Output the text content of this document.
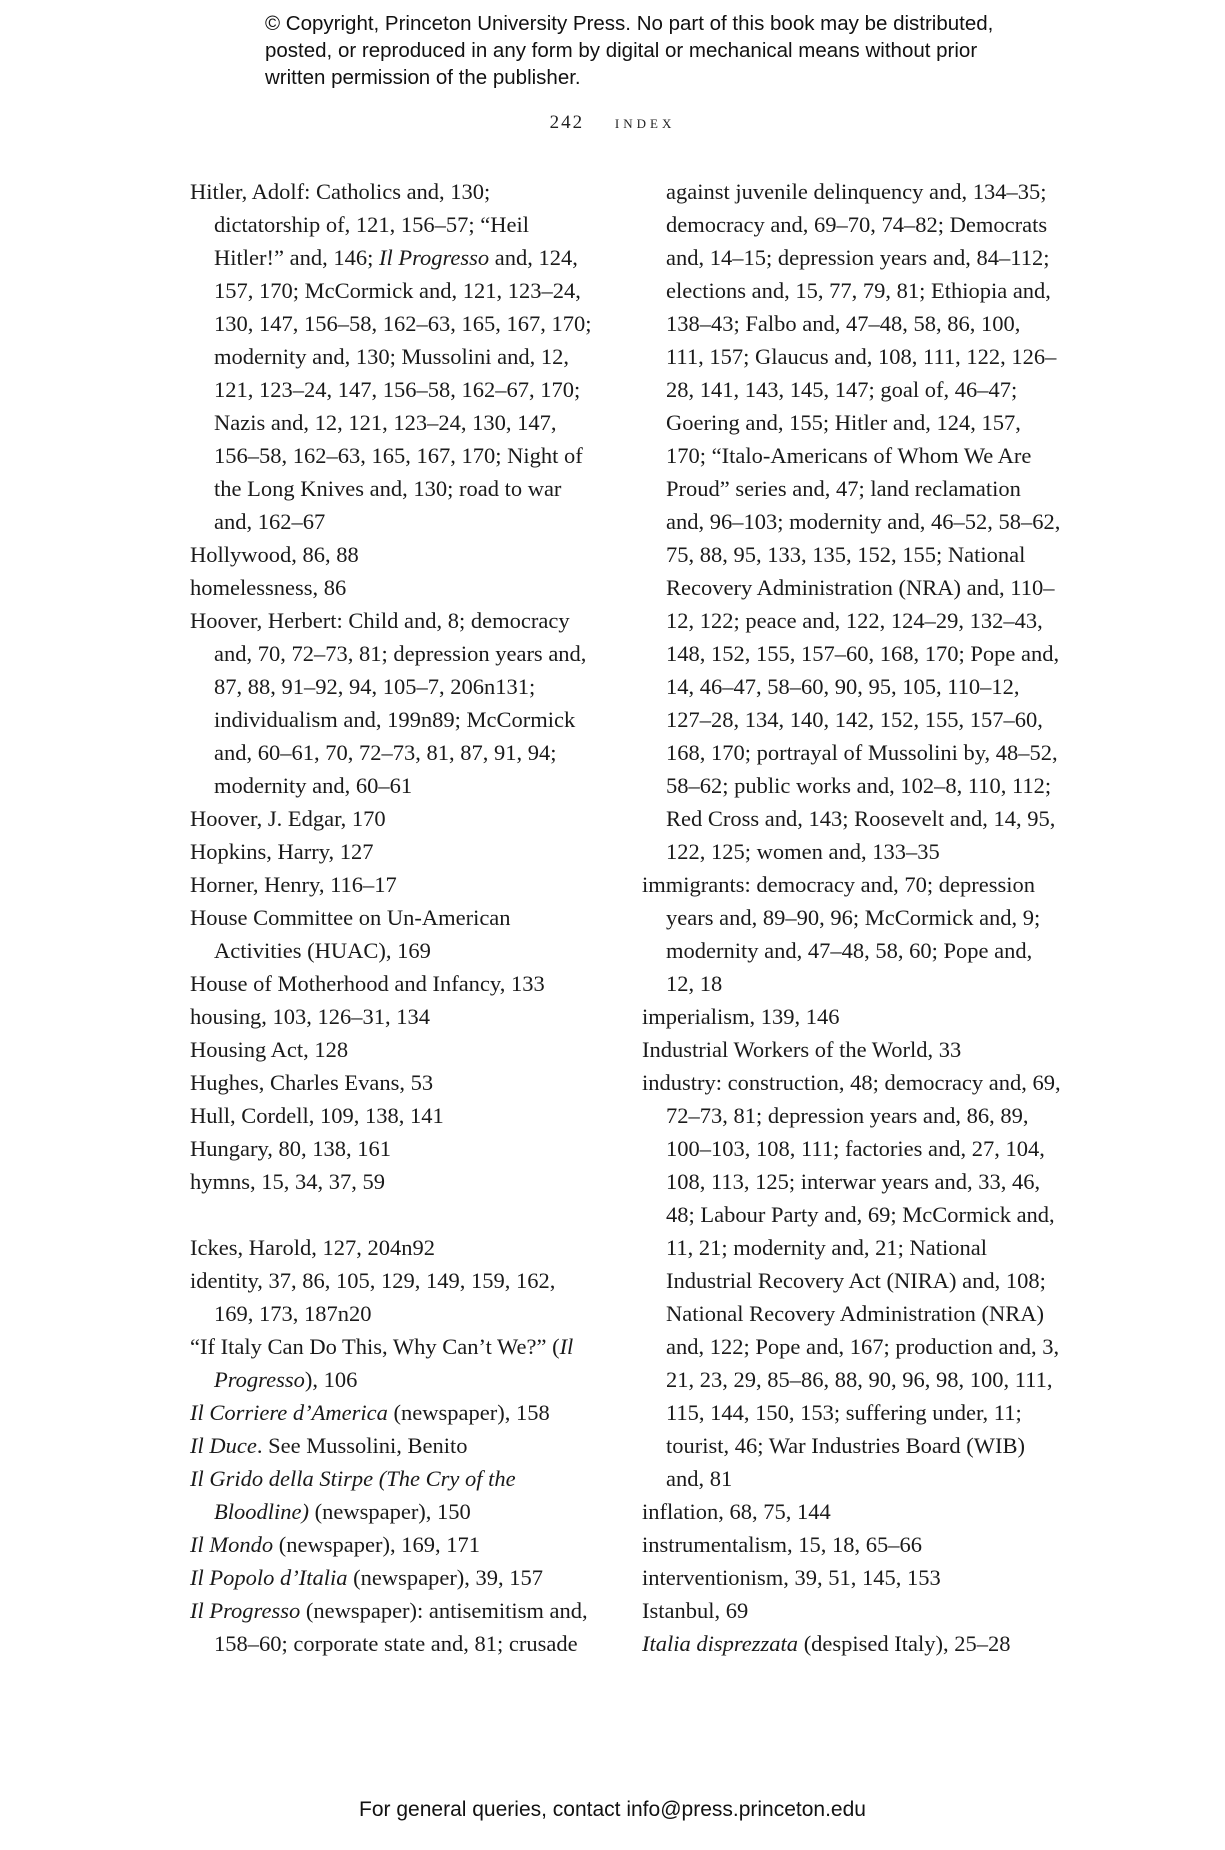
© Copyright, Princeton University Press. No part of this book may be distributed, posted, or reproduced in any form by digital or mechanical means without prior written permission of the publisher.
242 index

Hitler, Adolf: Catholics and, 130; dictatorship of, 121, 156–57; “Heil Hitler!” and, 146; Il Progresso and, 124, 157, 170; McCormick and, 121, 123–24, 130, 147, 156–58, 162–63, 165, 167, 170; modernity and, 130; Mussolini and, 12, 121, 123–24, 147, 156–58, 162–67, 170; Nazis and, 12, 121, 123–24, 130, 147, 156–58, 162–63, 165, 167, 170; Night of the Long Knives and, 130; road to war and, 162–67

Hollywood, 86, 88

homelessness, 86

Hoover, Herbert: Child and, 8; democracy and, 70, 72–73, 81; depression years and, 87, 88, 91–92, 94, 105–7, 206n131; individualism and, 199n89; McCormick and, 60–61, 70, 72–73, 81, 87, 91, 94; modernity and, 60–61

Hoover, J. Edgar, 170

Hopkins, Harry, 127

Horner, Henry, 116–17

House Committee on Un-American Activities (HUAC), 169

House of Motherhood and Infancy, 133

housing, 103, 126–31, 134

Housing Act, 128

Hughes, Charles Evans, 53

Hull, Cordell, 109, 138, 141

Hungary, 80, 138, 161

hymns, 15, 34, 37, 59

Ickes, Harold, 127, 204n92

identity, 37, 86, 105, 129, 149, 159, 162, 169, 173, 187n20

“If Italy Can Do This, Why Can’t We?” (Il Progresso), 106

Il Corriere d’America (newspaper), 158

Il Duce. See Mussolini, Benito

Il Grido della Stirpe (The Cry of the Bloodline) (newspaper), 150

Il Mondo (newspaper), 169, 171

Il Popolo d’Italia (newspaper), 39, 157

Il Progresso (newspaper): antisemitism and, 158–60; corporate state and, 81; crusade

against juvenile delinquency and, 134–35; democracy and, 69–70, 74–82; Democrats and, 14–15; depression years and, 84–112; elections and, 15, 77, 79, 81; Ethiopia and, 138–43; Falbo and, 47–48, 58, 86, 100, 111, 157; Glaucus and, 108, 111, 122, 126–28, 141, 143, 145, 147; goal of, 46–47; Goering and, 155; Hitler and, 124, 157, 170; “Italo-Americans of Whom We Are Proud” series and, 47; land reclamation and, 96–103; modernity and, 46–52, 58–62, 75, 88, 95, 133, 135, 152, 155; National Recovery Administration (NRA) and, 110–12, 122; peace and, 122, 124–29, 132–43, 148, 152, 155, 157–60, 168, 170; Pope and, 14, 46–47, 58–60, 90, 95, 105, 110–12, 127–28, 134, 140, 142, 152, 155, 157–60, 168, 170; portrayal of Mussolini by, 48–52, 58–62; public works and, 102–8, 110, 112; Red Cross and, 143; Roosevelt and, 14, 95, 122, 125; women and, 133–35

immigrants: democracy and, 70; depression years and, 89–90, 96; McCormick and, 9; modernity and, 47–48, 58, 60; Pope and, 12, 18

imperialism, 139, 146

Industrial Workers of the World, 33

industry: construction, 48; democracy and, 69, 72–73, 81; depression years and, 86, 89, 100–103, 108, 111; factories and, 27, 104, 108, 113, 125; interwar years and, 33, 46, 48; Labour Party and, 69; McCormick and, 11, 21; modernity and, 21; National Industrial Recovery Act (NIRA) and, 108; National Recovery Administration (NRA) and, 122; Pope and, 167; production and, 3, 21, 23, 29, 85–86, 88, 90, 96, 98, 100, 111, 115, 144, 150, 153; suffering under, 11; tourist, 46; War Industries Board (WIB) and, 81

inflation, 68, 75, 144

instrumentalism, 15, 18, 65–66

interventionism, 39, 51, 145, 153

Istanbul, 69

Italia disprezzata (despised Italy), 25–28

For general queries, contact info@press.princeton.edu
